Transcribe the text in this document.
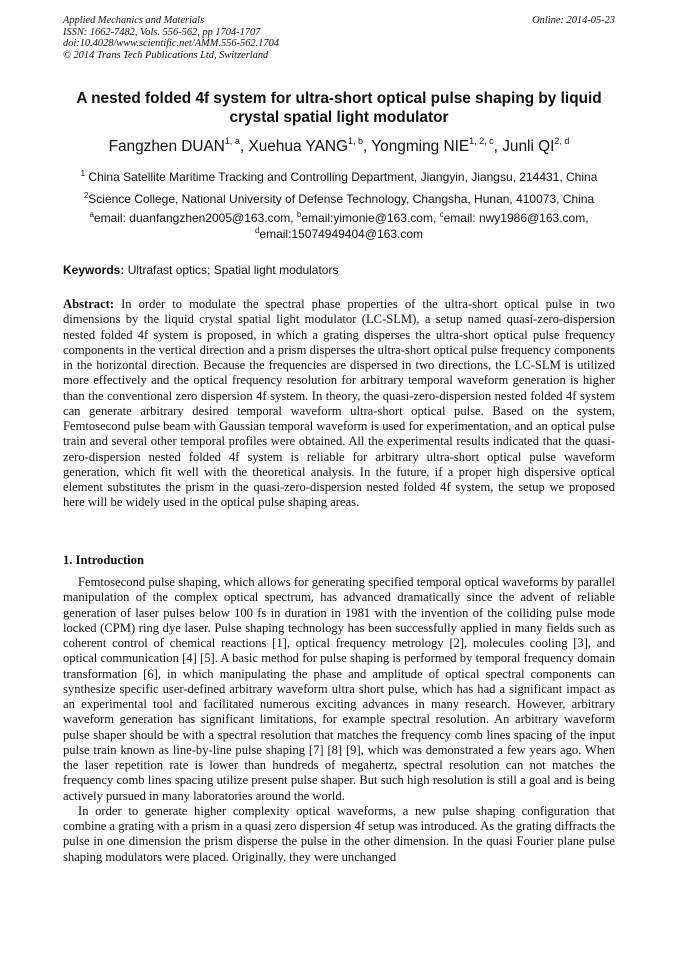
Applied Mechanics and Materials
ISSN: 1662-7482, Vols. 556-562, pp 1704-1707
doi:10.4028/www.scientific.net/AMM.556-562.1704
© 2014 Trans Tech Publications Ltd, Switzerland
Online: 2014-05-23
A nested folded 4f system for ultra-short optical pulse shaping by liquid crystal spatial light modulator
Fangzhen DUAN$^{1, a}$, Xuehua YANG$^{1, b}$, Yongming NIE$^{1, 2, c}$, Junli QI$^{2, d}$
$^1$ China Satellite Maritime Tracking and Controlling Department, Jiangyin, Jiangsu, 214431, China
$^2$Science College, National University of Defense Technology, Changsha, Hunan, 410073, China
$^a$email: duanfangzhen2005@163.com, $^b$email:yimonie@163.com, $^c$email: nwy1986@163.com,
$^d$email:15074949404@163.com
Keywords: Ultrafast optics; Spatial light modulators
Abstract: In order to modulate the spectral phase properties of the ultra-short optical pulse in two dimensions by the liquid crystal spatial light modulator (LC-SLM), a setup named quasi-zero-dispersion nested folded 4f system is proposed, in which a grating disperses the ultra-short optical pulse frequency components in the vertical direction and a prism disperses the ultra-short optical pulse frequency components in the horizontal direction. Because the frequencies are dispersed in two directions, the LC-SLM is utilized more effectively and the optical frequency resolution for arbitrary temporal waveform generation is higher than the conventional zero dispersion 4f system. In theory, the quasi-zero-dispersion nested folded 4f system can generate arbitrary desired temporal waveform ultra-short optical pulse. Based on the system, Femtosecond pulse beam with Gaussian temporal waveform is used for experimentation, and an optical pulse train and several other temporal profiles were obtained. All the experimental results indicated that the quasi-zero-dispersion nested folded 4f system is reliable for arbitrary ultra-short optical pulse waveform generation, which fit well with the theoretical analysis. In the future, if a proper high dispersive optical element substitutes the prism in the quasi-zero-dispersion nested folded 4f system, the setup we proposed here will be widely used in the optical pulse shaping areas.
1. Introduction

Femtosecond pulse shaping, which allows for generating specified temporal optical waveforms by parallel manipulation of the complex optical spectrum, has advanced dramatically since the advent of reliable generation of laser pulses below 100 fs in duration in 1981 with the invention of the colliding pulse mode locked (CPM) ring dye laser. Pulse shaping technology has been successfully applied in many fields such as coherent control of chemical reactions [1], optical frequency metrology [2], molecules cooling [3], and optical communication [4] [5]. A basic method for pulse shaping is performed by temporal frequency domain transformation [6], in which manipulating the phase and amplitude of optical spectral components can synthesize specific user-defined arbitrary waveform ultra short pulse, which has had a significant impact as an experimental tool and facilitated numerous exciting advances in many research. However, arbitrary waveform generation has significant limitations, for example spectral resolution. An arbitrary waveform pulse shaper should be with a spectral resolution that matches the frequency comb lines spacing of the input pulse train known as line-by-line pulse shaping [7] [8] [9], which was demonstrated a few years ago. When the laser repetition rate is lower than hundreds of megahertz, spectral resolution can not matches the frequency comb lines spacing utilize present pulse shaper. But such high resolution is still a goal and is being actively pursued in many laboratories around the world.

In order to generate higher complexity optical waveforms, a new pulse shaping configuration that combine a grating with a prism in a quasi zero dispersion 4f setup was introduced. As the grating diffracts the pulse in one dimension the prism disperse the pulse in the other dimension. In the quasi Fourier plane pulse shaping modulators were placed. Originally, they were unchanged
